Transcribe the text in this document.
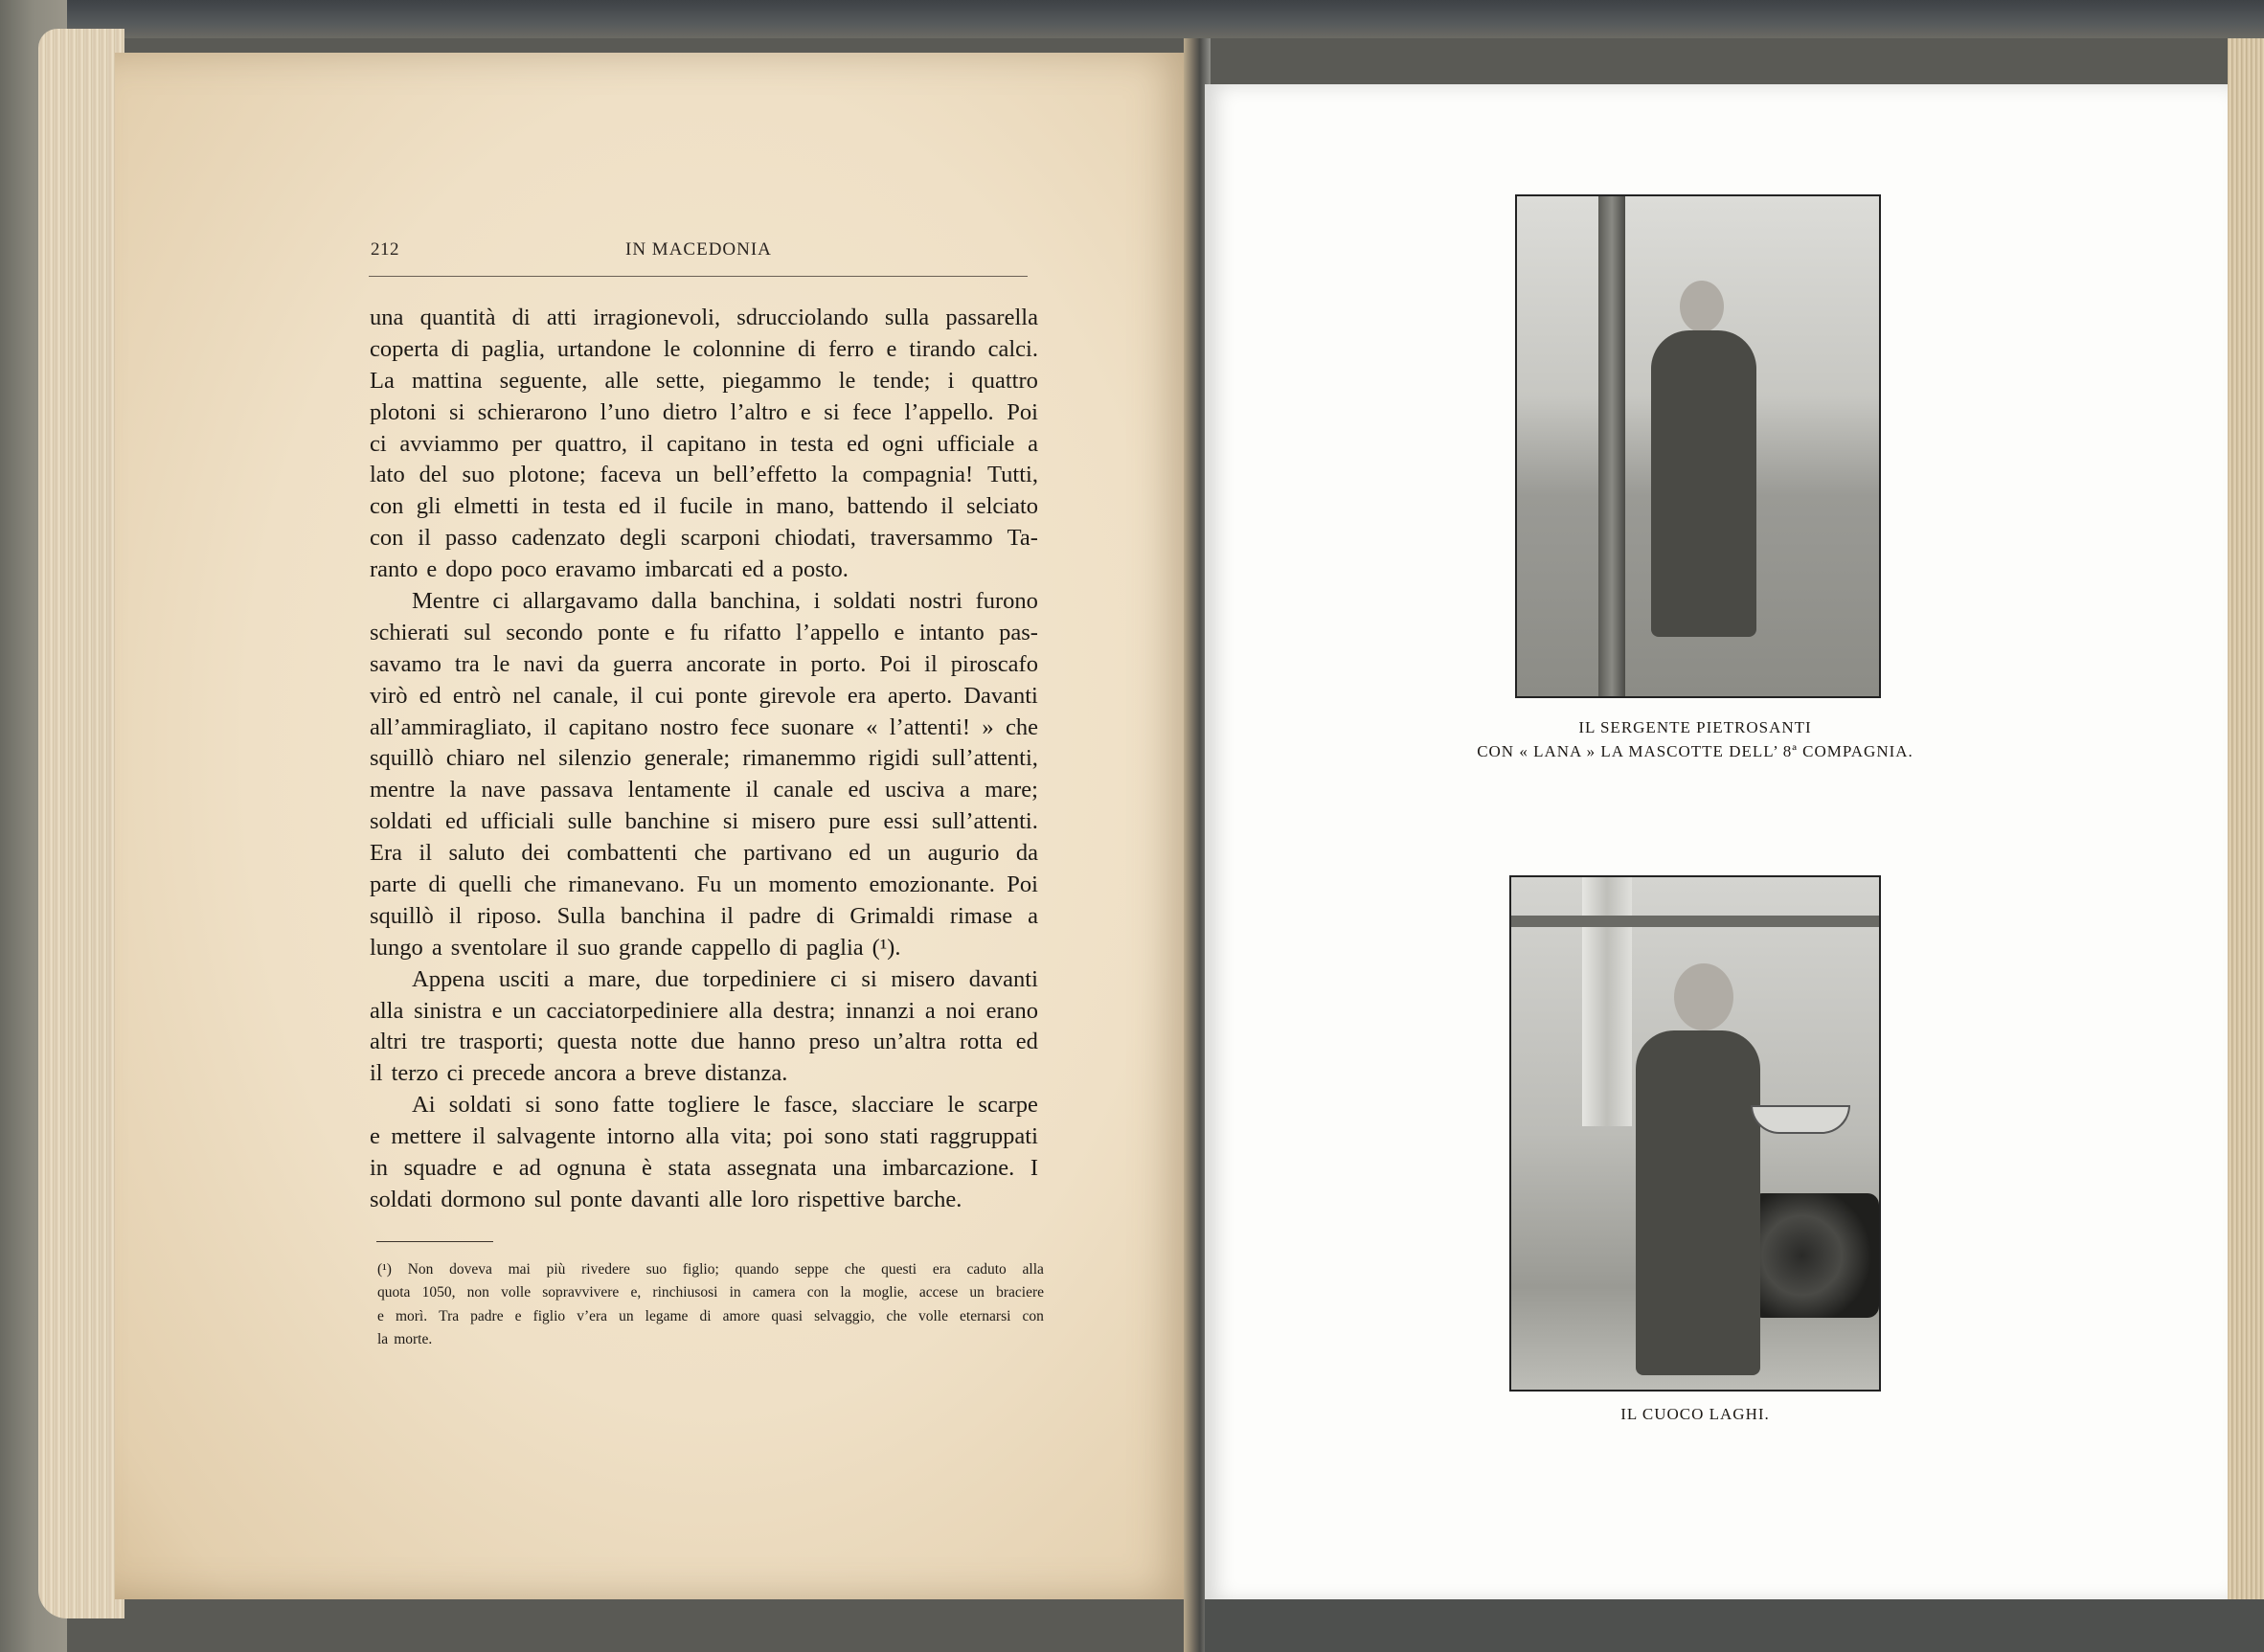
212	IN MACEDONIA
una quantità di atti irragionevoli, sdrucciolando sulla passarella
coperta di paglia, urtandone le colonnine di ferro e tirando calci.
La mattina seguente, alle sette, piegammo le tende; i quattro
plotoni si schierarono l’uno dietro l’altro e si fece l’appello. Poi
ci avviammo per quattro, il capitano in testa ed ogni ufficiale a
lato del suo plotone; faceva un bell’effetto la compagnia! Tutti,
con gli elmetti in testa ed il fucile in mano, battendo il selciato
con il passo cadenzato degli scarponi chiodati, traversammo Ta-
ranto e dopo poco eravamo imbarcati ed a posto.
Mentre ci allargavamo dalla banchina, i soldati nostri furono
schierati sul secondo ponte e fu rifatto l’appello e intanto pas-
savamo tra le navi da guerra ancorate in porto. Poi il piroscafo
virò ed entrò nel canale, il cui ponte girevole era aperto. Davanti
all’ammiragliato, il capitano nostro fece suonare « l’attenti! » che
squillò chiaro nel silenzio generale; rimanemmo rigidi sull’attenti,
mentre la nave passava lentamente il canale ed usciva a mare;
soldati ed ufficiali sulle banchine si misero pure essi sull’attenti.
Era il saluto dei combattenti che partivano ed un augurio da
parte di quelli che rimanevano. Fu un momento emozionante. Poi
squillò il riposo. Sulla banchina il padre di Grimaldi rimase a
lungo a sventolare il suo grande cappello di paglia (¹).
Appena usciti a mare, due torpediniere ci si misero davanti
alla sinistra e un cacciatorpediniere alla destra; innanzi a noi erano
altri tre trasporti; questa notte due hanno preso un’altra rotta ed
il terzo ci precede ancora a breve distanza.
Ai soldati si sono fatte togliere le fasce, slacciare le scarpe
e mettere il salvagente intorno alla vita; poi sono stati raggruppati
in squadre e ad ognuna è stata assegnata una imbarcazione. I
soldati dormono sul ponte davanti alle loro rispettive barche.
(¹) Non doveva mai più rivedere suo figlio; quando seppe che questi era caduto alla
quota 1050, non volle sopravvivere e, rinchiusosi in camera con la moglie, accese un braciere
e morì. Tra padre e figlio v’era un legame di amore quasi selvaggio, che volle eternarsi con
la morte.
IL SERGENTE PIETROSANTI
CON « LANA » LA MASCOTTE DELL’ 8ª COMPAGNIA.
IL CUOCO LAGHI.
